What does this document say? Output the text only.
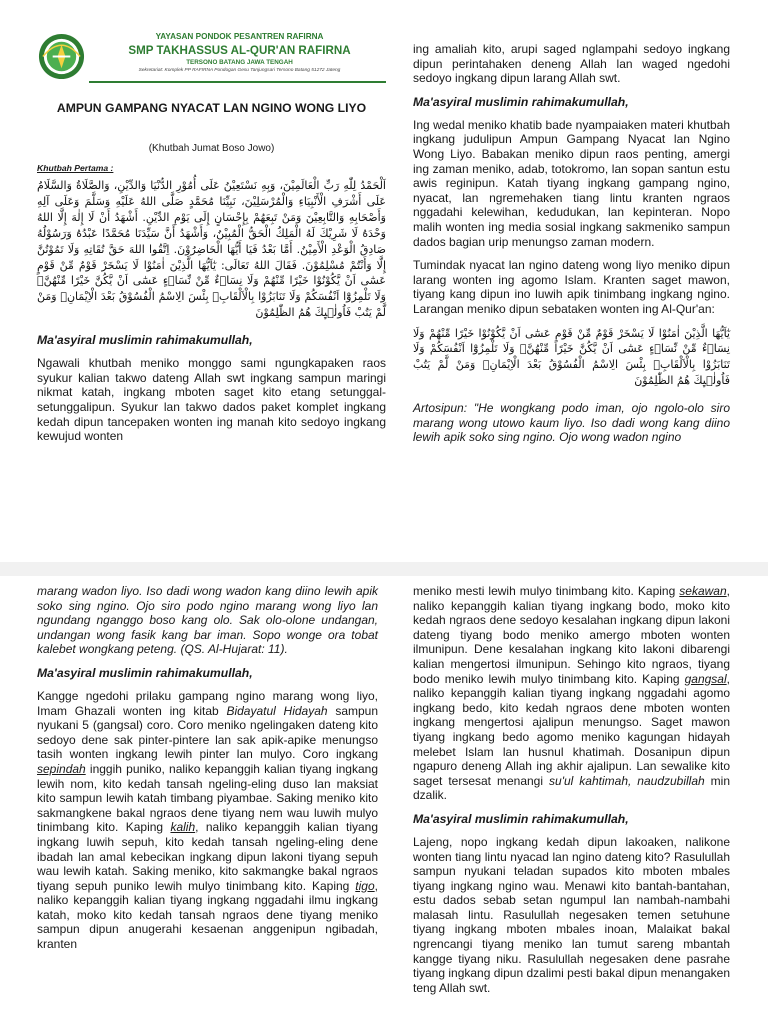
YAYASAN PONDOK PESANTREN RAFIRNA
SMP TAKHASSUS AL-QUR'AN RAFIRNA
TERSONO BATANG JAWA TENGAH
Sekretariat: Komplek PP RAFIRNA Pondogan Gesu Tanjungsari Tersono Batang 51272 Jateng
AMPUN GAMPANG NYACAT LAN NGINO WONG LIYO
(Khutbah Jumat Boso Jowo)
Khutbah Pertama :

اَلْحَمْدُ لِلّٰهِ رَبِّ الْعَالَمِيْنَ، وَبِهِ نَسْتَعِيْنُ عَلَى أُمُوْرِ الدُّنْيَا وَالدِّيْنِ، وَالصَّلَاةُ وَالسَّلَامُ عَلَى أَشْرَفِ الْأَنْبِيَاءِ وَالْمُرْسَلِيْنَ، نَبِيِّنَا مُحَمَّدٍ صَلَّى اللهُ عَلَيْهِ وَسَلَّمَ وَعَلَى آلِهِ وَأَصْحَابِهِ وَالتَّابِعِيْنَ وَمَنْ تَبِعَهُمْ بِإِحْسَانٍ إِلَى يَوْمِ الدِّيْنِ. أَشْهَدُ أَنْ لَا إِلٰهَ إِلَّا اللهُ وَحْدَهُ لَا شَرِيْكَ لَهُ الْمَلِكُ الْحَقُّ الْمُبِيْنُ، وَأَشْهَدُ أَنَّ سَيِّدَنَا مُحَمَّدًا عَبْدُهُ وَرَسُوْلُهُ صَادِقُ الْوَعْدِ الْأَمِيْنُ. أَمَّا بَعْدُ فَيَا أَيُّهَا الْحَاضِرُوْنَ. اِتَّقُوا اللهَ حَقَّ تُقَاتِهِ وَلَا تَمُوْتُنَّ إِلَّا وَأَنْتُمْ مُسْلِمُوْنَ. فَقَالَ اللهُ تَعَالَى: يٰٓاَيُّهَا الَّذِيْنَ اٰمَنُوْا لَا يَسْخَرْ قَوْمٌ مِّنْ قَوْمٍ عَسٰٓى اَنْ يَّكُوْنُوْا خَيْرًا مِّنْهُمْ وَلَا نِسَاۤءٌ مِّنْ نِّسَاۤءٍ عَسٰٓى اَنْ يَّكُنَّ خَيْرًا مِّنْهُنَّۚ وَلَا تَلْمِزُوْٓا اَنْفُسَكُمْ وَلَا تَنَابَزُوْا بِالْاَلْقَابِۗ بِئْسَ الِاسْمُ الْفُسُوْقُ بَعْدَ الْاِيْمَانِۚ وَمَنْ لَّمْ يَتُبْ فَاُولٰۤىِٕكَ هُمُ الظّٰلِمُوْنَ

Ma'asyiral muslimin rahimakumullah,

Ngawali khutbah meniko monggo sami ngungkapaken raos syukur kalian takwo dateng Allah swt ingkang sampun maringi nikmat katah, ingkang mboten saget kito etang setunggal-setunggalipun. Syukur lan takwo dados paket komplet ingkang kedah dipun tancepaken wonten ing manah kito sedoyo ingkang kewujud wonten

ing amaliah kito, arupi saged nglampahi sedoyo ingkang dipun perintahaken deneng Allah lan waged ngedohi sedoyo ingkang dipun larang Allah swt.

Ma'asyiral muslimin rahimakumullah,

Ing wedal meniko khatib bade nyampaiaken materi khutbah ingkang judulipun Ampun Gampang Nyacat lan Ngino Wong Liyo. Babakan meniko dipun raos penting, amergi ing zaman meniko, adab, totokromo, lan sopan santun estu awis reginipun. Katah tiyang ingkang gampang ngino, nyacat, lan ngremehaken tiang lintu kranten ngraos nggadahi kelewihan, kedudukan, lan kepinteran. Nopo malih wonten ing media sosial ingkang sakmeniko sampun dados bagian urip menungso zaman modern.

Tumindak nyacat lan ngino dateng wong liyo meniko dipun larang wonten ing agomo Islam. Kranten saget mawon, tiyang kang dipun ino luwih apik tinimbang ingkang ngino. Larangan meniko dipun sebataken wonten ing Al-Qur'an:

يٰٓاَيُّهَا الَّذِيْنَ اٰمَنُوْا لَا يَسْخَرْ قَوْمٌ مِّنْ قَوْمٍ عَسٰٓى اَنْ يَّكُوْنُوْا خَيْرًا مِّنْهُمْ وَلَا نِسَاۤءٌ مِّنْ نِّسَاۤءٍ عَسٰٓى اَنْ يَّكُنَّ خَيْرًا مِّنْهُنَّۚ وَلَا تَلْمِزُوْٓا اَنْفُسَكُمْ وَلَا تَنَابَزُوْا بِالْاَلْقَابِۗ بِئْسَ الِاسْمُ الْفُسُوْقُ بَعْدَ الْاِيْمَانِۚ وَمَنْ لَّمْ يَتُبْ فَاُولٰۤىِٕكَ هُمُ الظّٰلِمُوْنَ

Artosipun: "He wongkang podo iman, ojo ngolo-olo siro marang wong utowo kaum liyo. Iso dadi wong kang diino lewih apik soko sing ngino. Ojo wong wadon ngino

marang wadon liyo. Iso dadi wong wadon kang diino lewih apik soko sing ngino. Ojo siro podo ngino marang wong liyo lan ngundang nganggo boso kang olo. Sak olo-olone undangan, undangan wong fasik kang bar iman. Sopo wonge ora tobat kalebet wongkang peteng. (QS. Al-Hujarat: 11).

Ma'asyiral muslimin rahimakumullah,

Kangge ngedohi prilaku gampang ngino marang wong liyo, Imam Ghazali wonten ing kitab Bidayatul Hidayah sampun nyukani 5 (gangsal) coro. Coro meniko ngelingaken dateng kito sedoyo dene sak pinter-pintere lan sak apik-apike menungso tasih wonten ingkang lewih pinter lan mulyo. Coro ingkang sepindah inggih puniko, naliko kepanggih kalian tiyang ingkang lewih nom, kito kedah tansah ngeling-eling duso lan maksiat kito sampun lewih katah timbang piyambae. Saking meniko kito sakmangkene bakal ngraos dene tiyang nem wau luwih mulyo tinimbang kito. Kaping kalih, naliko kepanggih kalian tiyang ingkang luwih sepuh, kito kedah tansah ngeling-eling dene ibadah lan amal kebecikan ingkang dipun lakoni tiyang sepuh wau lewih katah. Saking meniko, kito sakmangke bakal ngraos tiyang sepuh puniko lewih mulyo tinimbang kito. Kaping tigo, naliko kepanggih kalian tiyang ingkang nggadahi ilmu ingkang katah, moko kito kedah tansah ngraos dene tiyang meniko sampun dipun anugerahi kesaenan anggenipun ngibadah, kranten

meniko mesti lewih mulyo tinimbang kito. Kaping sekawan, naliko kepanggih kalian tiyang ingkang bodo, moko kito kedah ngraos dene sedoyo kesalahan ingkang dipun lakoni dateng tiyang bodo meniko amergo mboten wonten ilmunipun. Dene kesalahan ingkang kito lakoni dibarengi kalian mengertosi ilmunipun. Sehingo kito ngraos, tiyang bodo meniko lewih mulyo tinimbang kito. Kaping gangsal, naliko kepanggih kalian tiyang ingkang nggadahi agomo ingkang bedo, kito kedah ngraos dene mboten wonten ingkang mengertosi ajalipun menungso. Saget mawon tiyang ingkang bedo agomo meniko kagungan hidayah melebet Islam lan husnul khatimah. Dosanipun dipun ngapuro deneng Allah ing akhir ajalipun. Lan sewalike kito saget tersesat menangi su'ul kahtimah, naudzubillah min dzalik.

Ma'asyiral muslimin rahimakumullah,

Lajeng, nopo ingkang kedah dipun lakoaken, nalikone wonten tiang lintu nyacad lan ngino dateng kito? Rasulullah sampun nyukani teladan supados kito mboten mbales tiyang ingkang ngino wau. Menawi kito bantah-bantahan, estu dados sebab setan ngumpul lan nambah-nambahi malasah lintu. Rasulullah negesaken temen setuhune tiyang ingkang mboten mbales inoan, Malaikat bakal ngrencangi tiyang meniko lan tumut sareng mbantah kangge tiyang niku. Rasulullah negesaken dene pasrahe tiyang ingkang dipun dzalimi pesti bakal dipun menangaken teng Allah swt.
